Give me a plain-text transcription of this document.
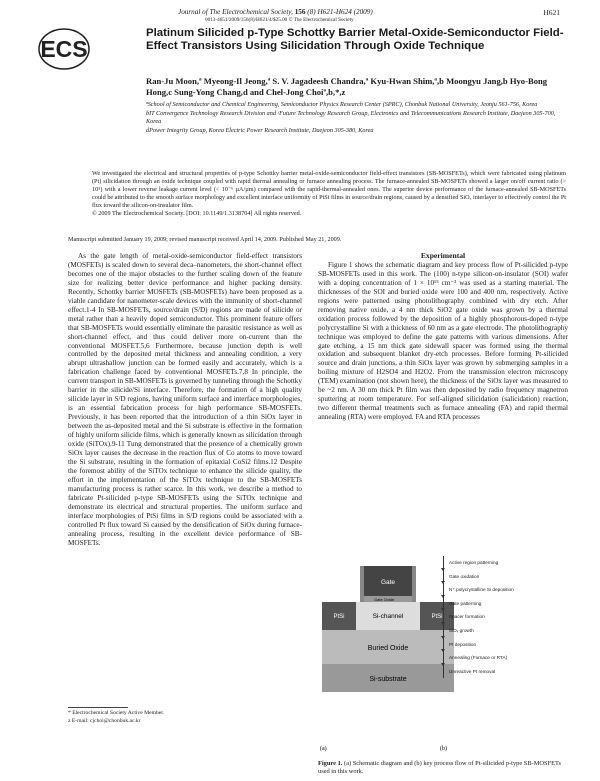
Journal of The Electrochemical Society, 156 (8) H621-H624 (2009)
0013-4651/2009/156(8)/H621/4/$25.00 © The Electrochemical Society
H621
ECS
Platinum Silicided p-Type Schottky Barrier Metal-Oxide-Semiconductor Field-Effect Transistors Using Silicidation Through Oxide Technique
Ran-Ju Moon,ª Myeong-Il Jeong,ª S. V. Jagadeesh Chandra,ª Kyu-Hwan Shim,ª,b Moongyu Jang,b Hyo-Bong Hong,c Sung-Yong Chang,d and Chel-Jong Choiª,b,*,z

ªSchool of Semiconductor and Chemical Engineering, Semiconductor Physics Research Center (SPRC), Chonbuk National University, Jeonju 561-756, Korea

bIT Convergence Technology Research Division and ᶜFuture Technology Research Group, Electronics and Telecommunications Research Institute, Daejeon 305-700, Korea

dPower Integrity Group, Korea Electric Power Research Institute, Daejeon 305-380, Korea

We investigated the electrical and structural properties of p-type Schottky barrier metal-oxide-semiconductor field-effect transistors (SB-MOSFETs), which were fabricated using platinum (Pt) silicidation through an oxide technique coupled with rapid thermal annealing or furnace annealing process. The furnace-annealed SB-MOSFETs showed a larger on/off current ratio (> 10⁵) with a lower reverse leakage current level (< 10⁻⁶ µA/µm) compared with the rapid-thermal-annealed ones. The superior device performance of the furnace-annealed SB-MOSFETs could be attributed to the smooth surface morphology and excellent interface uniformity of PtSi films in source/drain regions, caused by a densified SiOₓ interlayer to effectively control the Pt flux toward the silicon-on-insulator film.
© 2009 The Electrochemical Society. [DOI: 10.1149/1.3138704] All rights reserved.
Manuscript submitted January 19, 2009; revised manuscript received April 14, 2009. Published May 21, 2009.

As the gate length of metal-oxide-semiconductor field-effect transistors (MOSFETs) is scaled down to several deca–nanometers, the short-channel effect becomes one of the major obstacles to the further scaling down of the feature size for realizing better device performance and higher packing density. Recently, Schottky barrier MOSFETs (SB-MOSFETs) have been proposed as a viable candidate for nanometer-scale devices with the immunity of short-channel effect.1-4 In SB-MOSFETs, source/drain (S/D) regions are made of silicide or metal rather than a heavily doped semiconductor. This prominent feature offers that SB-MOSFETs would essentially eliminate the parasitic resistance as well as short-channel effect, and thus could deliver more on-current than the conventional MOSFET.5,6 Furthermore, because junction depth is well controlled by the deposited metal thickness and annealing condition, a very abrupt ultrashallow junction can be formed easily and accurately, which is a fabrication challenge faced by conventional MOSFETs.7,8 In principle, the current transport in SB-MOSFETs is governed by tunneling through the Schottky barrier in the silicide/Si interface. Therefore, the formation of a high quality silicide layer in S/D regions, having uniform surface and interface morphologies, is an essential fabrication process for high performance SB-MOSFETs. Previously, it has been reported that the introduction of a thin SiOx layer in between the as-deposited metal and the Si substrate is effective in the formation of highly uniform silicide films, which is generally known as silicidation through oxide (SiTOx).9-11 Tung demonstrated that the presence of a chemically grown SiOx layer causes the decrease in the reaction flux of Co atoms to move toward the Si substrate, resulting in the formation of epitaxial CoSi2 films.12 Despite the foremost ability of the SiTOx technique to enhance the silicide quality, the effort in the implementation of the SiTOx technique to the SB-MOSFETs manufacturing process is rather scarce. In this work, we describe a method to fabricate Pt-silicided p-type SB-MOSFETs using the SiTOx technique and demonstrate its electrical and structural properties. The uniform surface and interface morphologies of PtSi films in S/D regions could be associated with a controlled Pt flux toward Si caused by the densification of SiOx during furnace-annealing process, resulting in the excellent device performance of SB-MOSFETs.

* Electrochemical Society Active Member.
z E-mail: cjchoi@chonbuk.ac.kr

Experimental

Figure 1 shows the schematic diagram and key process flow of Pt-silicided p-type SB-MOSFETs used in this work. The (100) n-type silicon-on-insulator (SOI) wafer with a doping concentration of 1 × 10¹⁵ cm⁻³ was used as a starting material. The thicknesses of the SOI and buried oxide were 100 and 400 nm, respectively. Active regions were patterned using photolithography combined with dry etch. After removing native oxide, a 4 nm thick SiO2 gate oxide was grown by a thermal oxidation process followed by the deposition of a highly phosphorous-doped n-type polycrystalline Si with a thickness of 60 nm as a gate electrode. The photolithography technique was employed to define the gate patterns with various dimensions. After gate etching, a 15 nm thick gate sidewall spacer was formed using the thermal oxidation and subsequent blanket dry-etch processes. Before forming Pt-silicided source and drain junctions, a thin SiOx layer was grown by submerging samples in a boiling mixture of H2SO4 and H2O2. From the transmission electron microscopy (TEM) examination (not shown here), the thickness of the SiOx layer was measured to be ~2 nm. A 30 nm thick Pt film was then deposited by radio frequency magnetron sputtering at room temperature. For self-aligned silicidation (salicidation) reaction, two different thermal treatments such as furnace annealing (FA) and rapid thermal annealing (RTA) were employed. FA and RTA processes

Gate
Gate Oxide
PtSi	Si-channel	PtSi
Buried Oxide
Si-substrate
(a)	(b)
Active region patterning
Gate oxidation
N⁺ polycrystalline Si deposition
Gate patterning
Spacer formation
SiOₓ growth
Pt deposition
Annealing (Furnace or RTA)
Unreactive Pt removal
Figure 1. (a) Schematic diagram and (b) key process flow of Pt-silicided p-type SB-MOSFETs used in this work.
